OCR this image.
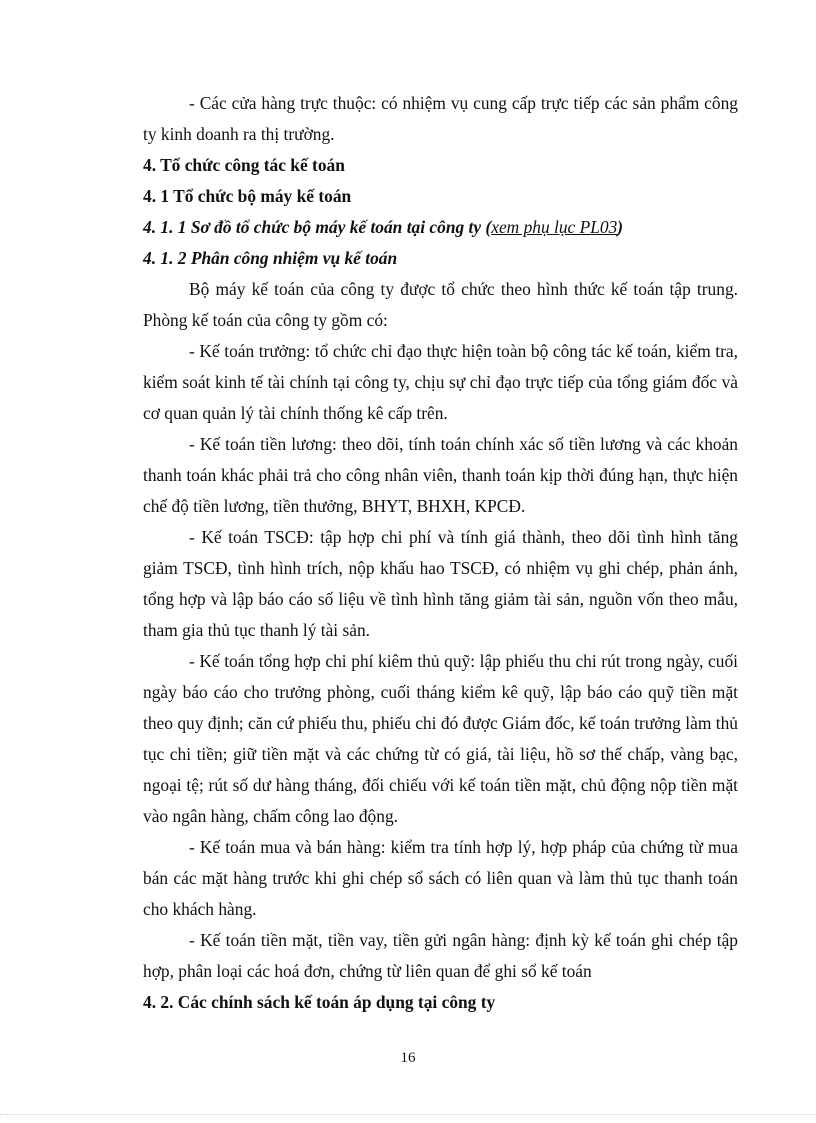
- Các cửa hàng trực thuộc: có nhiệm vụ cung cấp trực tiếp các sản phẩm công ty kinh doanh ra thị trường.

4. Tổ chức công tác kế toán

4. 1 Tổ chức bộ máy kế toán

4. 1. 1 Sơ đồ tổ chức bộ máy kế toán tại công ty (xem phụ lục PL03)

4. 1. 2 Phân công nhiệm vụ kế toán

Bộ máy kế toán của công ty được tổ chức theo hình thức kế toán tập trung. Phòng kế toán của công ty gồm có:

- Kế toán trưởng: tổ chức chỉ đạo thực hiện toàn bộ công tác kế toán, kiểm tra, kiểm soát kinh tế tài chính tại công ty, chịu sự chỉ đạo trực tiếp của tổng giám đốc và cơ quan quản lý tài chính thống kê cấp trên.

- Kế toán tiền lương: theo dõi, tính toán chính xác số tiền lương và các khoản thanh toán khác phải trả cho công nhân viên, thanh toán kịp thời đúng hạn, thực hiện chế độ tiền lương, tiền thưởng, BHYT, BHXH, KPCĐ.

- Kế toán TSCĐ: tập hợp chi phí và tính giá thành, theo dõi tình hình tăng giảm TSCĐ, tình hình trích, nộp khấu hao TSCĐ, có nhiệm vụ ghi chép, phản ánh, tổng hợp và lập báo cáo số liệu về tình hình tăng giảm tài sản, nguồn vốn theo mẫu, tham gia thủ tục thanh lý tài sản.

- Kế toán tổng hợp chi phí kiêm thủ quỹ: lập phiếu thu chi rút trong ngày, cuối ngày báo cáo cho trưởng phòng, cuối tháng kiểm kê quỹ, lập báo cáo quỹ tiền mặt theo quy định; căn cứ phiếu thu, phiếu chi đó được Giám đốc, kế toán trưởng làm thủ tục chi tiền; giữ tiền mặt và các chứng từ có giá, tài liệu, hồ sơ thế chấp, vàng bạc, ngoại tệ; rút số dư hàng tháng, đối chiếu với kế toán tiền mặt, chủ động nộp tiền mặt vào ngân hàng, chấm công lao động.

- Kế toán mua và bán hàng: kiểm tra tính hợp lý, hợp pháp của chứng từ mua bán các mặt hàng trước khi ghi chép sổ sách có liên quan và làm thủ tục thanh toán cho khách hàng.

- Kế toán tiền mặt, tiền vay, tiền gửi ngân hàng: định kỳ kế toán ghi chép tập hợp, phân loại các hoá đơn, chứng từ liên quan để ghi sổ kế toán

4. 2. Các chính sách kế toán áp dụng tại công ty

16
